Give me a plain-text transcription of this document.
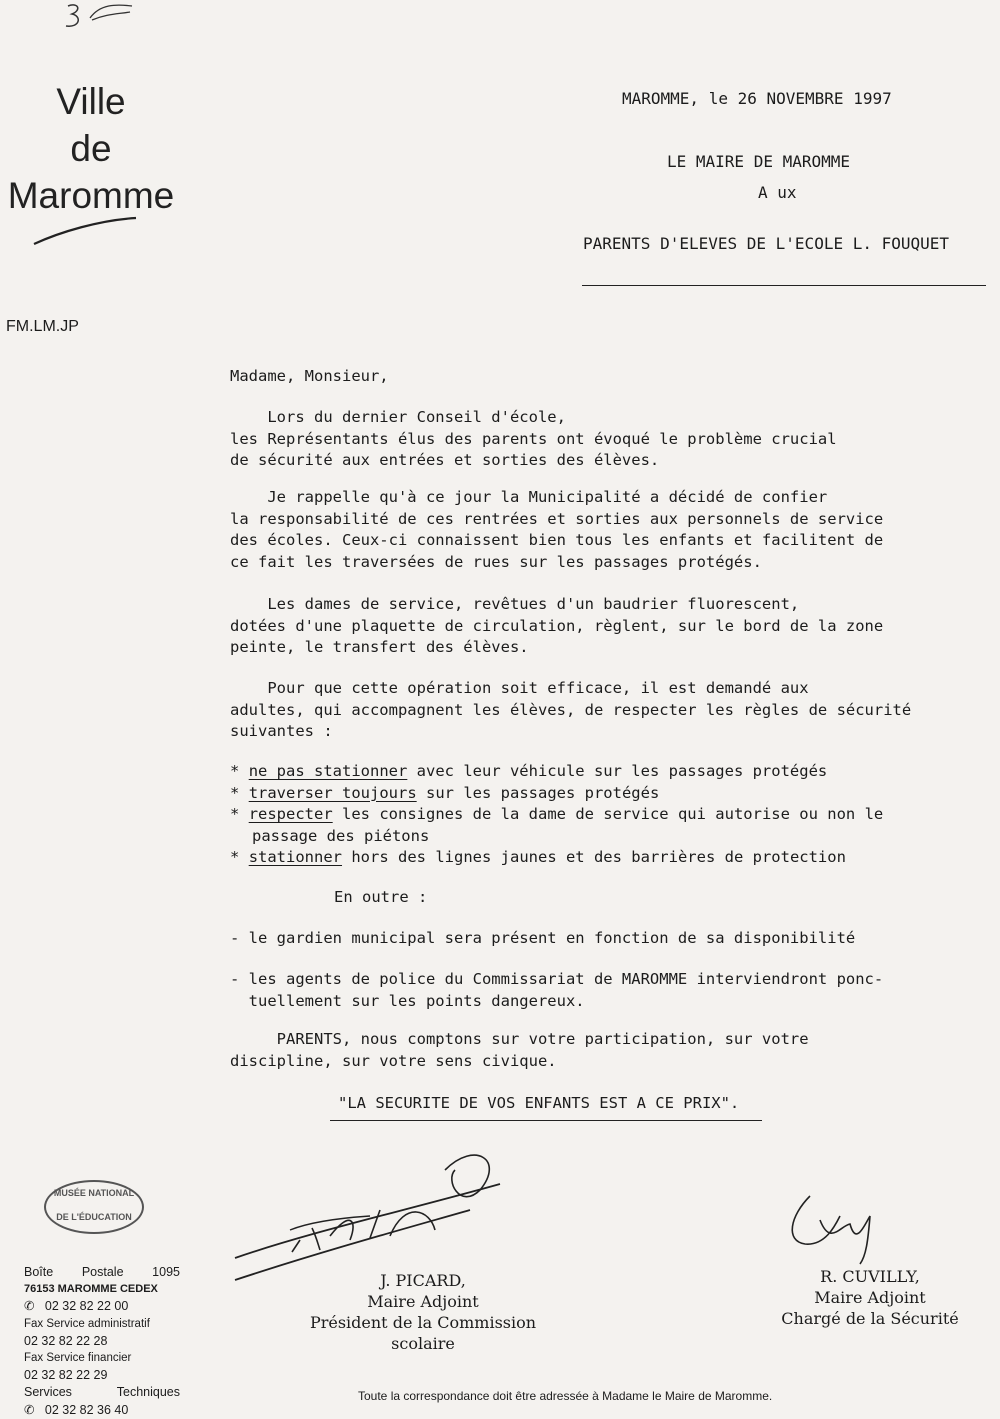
Ville
de
Maromme
FM.LM.JP
MAROMME, le 26 NOVEMBRE 1997
LE MAIRE DE MAROMME
A ux
PARENTS D'ELEVES DE L'ECOLE L. FOUQUET
Madame, Monsieur,
Lors du dernier Conseil d'école,
les Représentants élus des parents ont évoqué le problème crucial
de sécurité aux entrées et sorties des élèves.
Je rappelle qu'à ce jour la Municipalité a décidé de confier
la responsabilité de ces rentrées et sorties aux personnels de service
des écoles. Ceux-ci connaissent bien tous les enfants et facilitent de
ce fait les traversées de rues sur les passages protégés.
Les dames de service, revêtues d'un baudrier fluorescent,
dotées d'une plaquette de circulation, règlent, sur le bord de la zone
peinte, le transfert des élèves.
Pour que cette opération soit efficace, il est demandé aux
adultes, qui accompagnent les élèves, de respecter les règles de sécurité
suivantes :
* ne pas stationner avec leur véhicule sur les passages protégés
* traverser toujours sur les passages protégés
* respecter les consignes de la dame de service qui autorise ou non le
passage des piétons
* stationner hors des lignes jaunes et des barrières de protection
En outre :
- le gardien municipal sera présent en fonction de sa disponibilité
- les agents de police du Commissariat de MAROMME interviendront ponc-
tuellement sur les points dangereux.
PARENTS, nous comptons sur votre participation, sur votre
discipline, sur votre sens civique.
"LA SECURITE DE VOS ENFANTS EST A CE PRIX".
MUSÉE NATIONAL
DE L'ÉDUCATION
J. PICARD,
Maire Adjoint
Président de la Commission
scolaire
R. CUVILLY,
Maire Adjoint
Chargé de la Sécurité
Boîte Postale 1095
76153 MAROMME CEDEX
✆ 02 32 82 22 00
Fax Service administratif
02 32 82 22 28
Fax Service financier
02 32 82 22 29
Services	Techniques
✆ 02 32 82 36 40
Toute la correspondance doit être adressée à Madame le Maire de Maromme.
